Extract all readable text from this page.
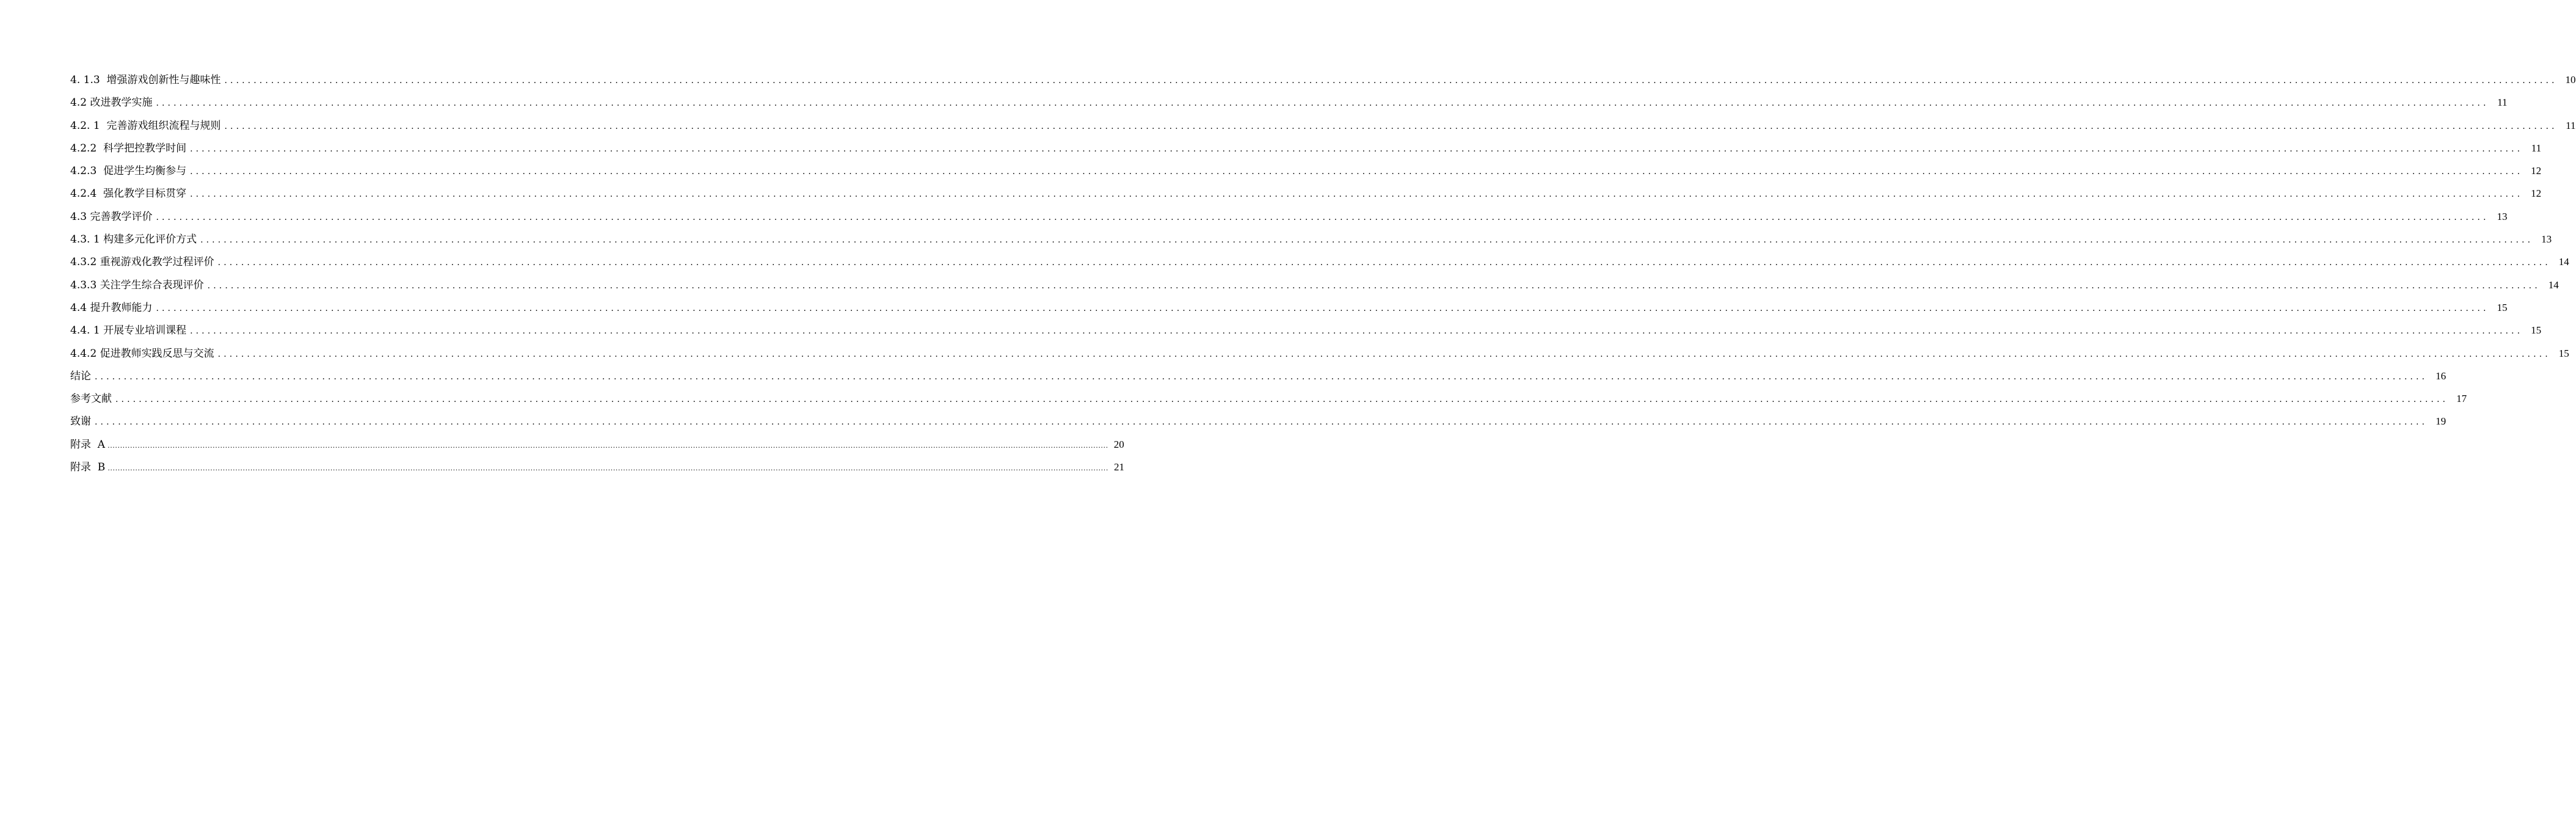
4. 1.3  增强游戏创新性与趣味性 ................................................................................................................................................................................................................................................................................................................................................................................................................ 10
4.2 改进教学实施 ................................................................................................................................................................................................................................................................................................................................................................................................................ 11
4.2. 1  完善游戏组织流程与规则 ................................................................................................................................................................................................................................................................................................................................................................................................................ 11
4.2.2  科学把控教学时间 ................................................................................................................................................................................................................................................................................................................................................................................................................ 11
4.2.3  促进学生均衡参与 ................................................................................................................................................................................................................................................................................................................................................................................................................ 12
4.2.4  强化教学目标贯穿 ................................................................................................................................................................................................................................................................................................................................................................................................................ 12
4.3 完善教学评价 ................................................................................................................................................................................................................................................................................................................................................................................................................ 13
4.3. 1 构建多元化评价方式 ................................................................................................................................................................................................................................................................................................................................................................................................................ 13
4.3.2 重视游戏化教学过程评价 ................................................................................................................................................................................................................................................................................................................................................................................................................ 14
4.3.3 关注学生综合表现评价 ................................................................................................................................................................................................................................................................................................................................................................................................................ 14
4.4 提升教师能力 ................................................................................................................................................................................................................................................................................................................................................................................................................ 15
4.4. 1 开展专业培训课程 ................................................................................................................................................................................................................................................................................................................................................................................................................ 15
4.4.2 促进教师实践反思与交流 ................................................................................................................................................................................................................................................................................................................................................................................................................ 15
结论 ................................................................................................................................................................................................................................................................................................................................................................................................................ 16
参考文献 ................................................................................................................................................................................................................................................................................................................................................................................................................ 17
致谢 ................................................................................................................................................................................................................................................................................................................................................................................................................ 19
附录  A ................................................................................................................................................................................................................................................................................................................................................................................................................ 20
附录  B ................................................................................................................................................................................................................................................................................................................................................................................................................ 21
